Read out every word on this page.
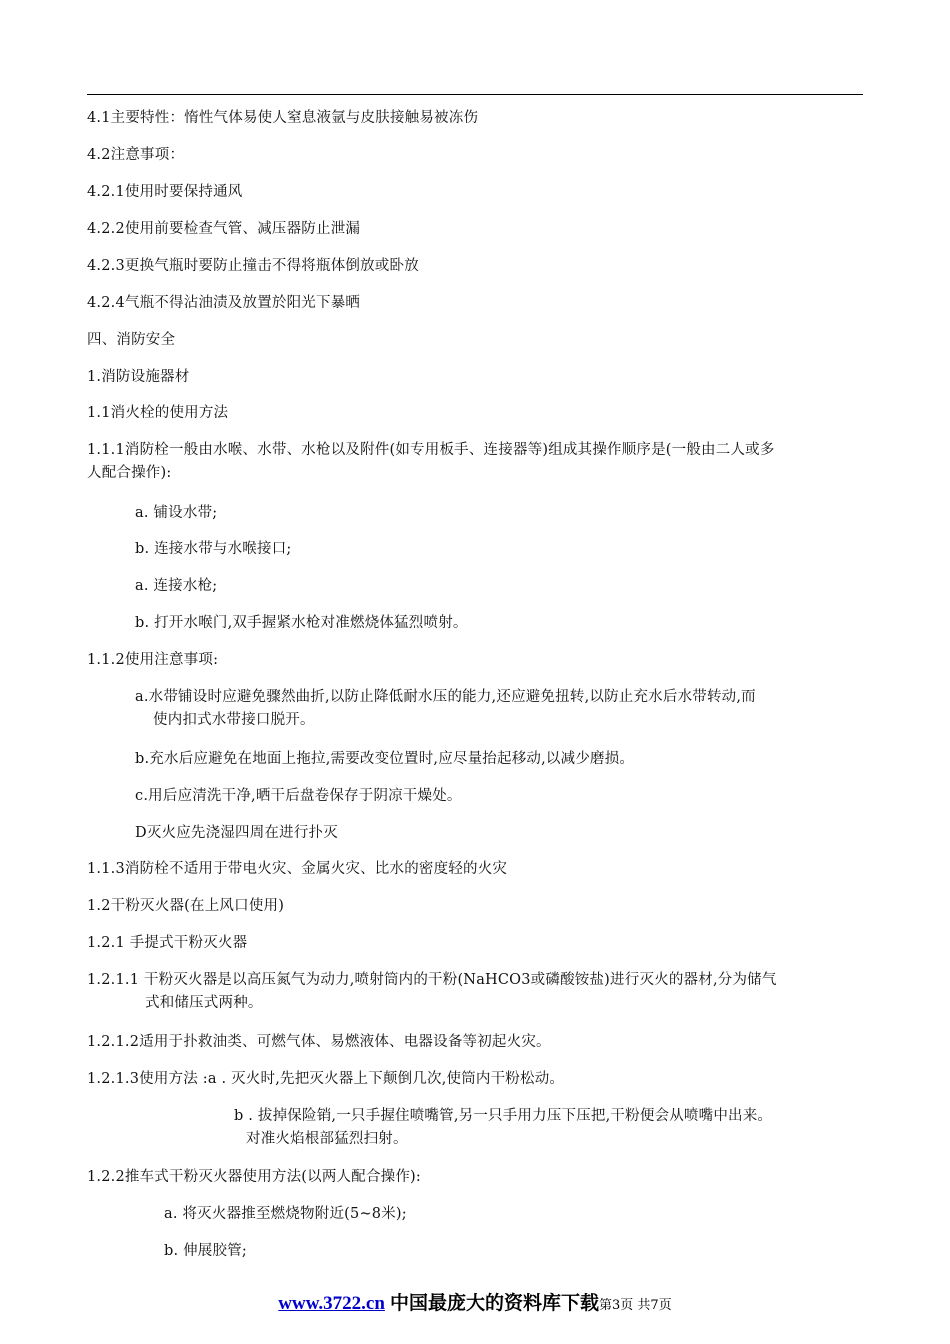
4.1主要特性：惰性气体易使人窒息液氩与皮肤接触易被冻伤
4.2注意事项：
4.2.1使用时要保持通风
4.2.2使用前要检查气管、减压器防止泄漏
4.2.3更换气瓶时要防止撞击不得将瓶体倒放或卧放
4.2.4气瓶不得沾油渍及放置於阳光下暴晒
四、消防安全
1.消防设施器材
1.1消火栓的使用方法
1.1.1消防栓一般由水喉、水带、水枪以及附件(如专用板手、连接器等)组成其操作顺序是(一般由二人或多
人配合操作):
a. 铺设水带;
b. 连接水带与水喉接口;
a. 连接水枪;
b. 打开水喉门,双手握紧水枪对准燃烧体猛烈喷射。
1.1.2使用注意事项:
a.水带铺设时应避免骤然曲折,以防止降低耐水压的能力,还应避免扭转,以防止充水后水带转动,而
使内扣式水带接口脱开。
b.充水后应避免在地面上拖拉,需要改变位置时,应尽量抬起移动,以减少磨损。
c.用后应清洗干净,晒干后盘卷保存于阴凉干燥处。
D灭火应先浇湿四周在进行扑灭
1.1.3消防栓不适用于带电火灾、金属火灾、比水的密度轻的火灾
1.2干粉灭火器(在上风口使用)
1.2.1 手提式干粉灭火器
1.2.1.1 干粉灭火器是以高压氮气为动力,喷射筒内的干粉(NaHCO3或磷酸铵盐)进行灭火的器材,分为储气
式和储压式两种。
1.2.1.2适用于扑救油类、可燃气体、易燃液体、电器设备等初起火灾。
1.2.1.3使用方法 :a . 灭火时,先把灭火器上下颠倒几次,使筒内干粉松动。
b . 拔掉保险销,一只手握住喷嘴管,另一只手用力压下压把,干粉便会从喷嘴中出来。
对准火焰根部猛烈扫射。
1.2.2推车式干粉灭火器使用方法(以两人配合操作):
a. 将灭火器推至燃烧物附近(5~8米);
b. 伸展胶管;
www.3722.cn 中国最庞大的资料库下载第3页 共7页
